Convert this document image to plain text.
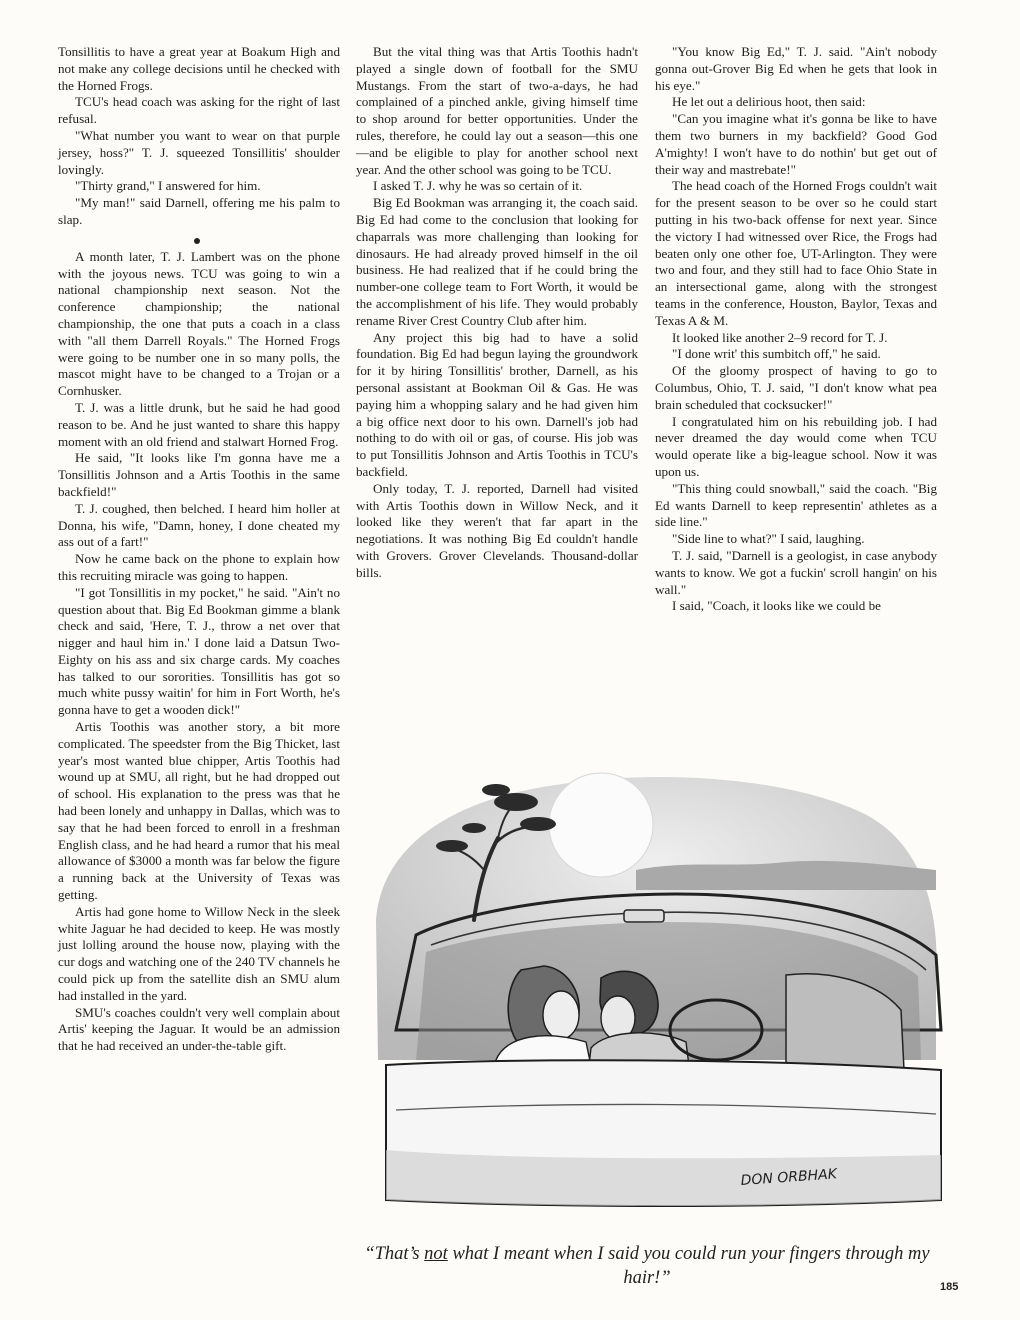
Tonsillitis to have a great year at Boakum High and not make any college decisions until he checked with the Horned Frogs.

TCU's head coach was asking for the right of last refusal.

"What number you want to wear on that purple jersey, hoss?" T. J. squeezed Tonsillitis' shoulder lovingly.

"Thirty grand," I answered for him.

"My man!" said Darnell, offering me his palm to slap.

A month later, T. J. Lambert was on the phone with the joyous news. TCU was going to win a national championship next season. Not the conference championship; the national championship, the one that puts a coach in a class with "all them Darrell Royals." The Horned Frogs were going to be number one in so many polls, the mascot might have to be changed to a Trojan or a Cornhusker.

T. J. was a little drunk, but he said he had good reason to be. And he just wanted to share this happy moment with an old friend and stalwart Horned Frog.

He said, "It looks like I'm gonna have me a Tonsillitis Johnson and a Artis Toothis in the same backfield!"

T. J. coughed, then belched. I heard him holler at Donna, his wife, "Damn, honey, I done cheated my ass out of a fart!"

Now he came back on the phone to explain how this recruiting miracle was going to happen.

"I got Tonsillitis in my pocket," he said. "Ain't no question about that. Big Ed Bookman gimme a blank check and said, 'Here, T. J., throw a net over that nigger and haul him in.' I done laid a Datsun Two-Eighty on his ass and six charge cards. My coaches has talked to our sororities. Tonsillitis has got so much white pussy waitin' for him in Fort Worth, he's gonna have to get a wooden dick!"

Artis Toothis was another story, a bit more complicated. The speedster from the Big Thicket, last year's most wanted blue chipper, Artis Toothis had wound up at SMU, all right, but he had dropped out of school. His explanation to the press was that he had been lonely and unhappy in Dallas, which was to say that he had been forced to enroll in a freshman English class, and he had heard a rumor that his meal allowance of $3000 a month was far below the figure a running back at the University of Texas was getting.

Artis had gone home to Willow Neck in the sleek white Jaguar he had decided to keep. He was mostly just lolling around the house now, playing with the cur dogs and watching one of the 240 TV channels he could pick up from the satellite dish an SMU alum had installed in the yard.

SMU's coaches couldn't very well complain about Artis' keeping the Jaguar. It would be an admission that he had received an under-the-table gift.

But the vital thing was that Artis Toothis hadn't played a single down of football for the SMU Mustangs. From the start of two-a-days, he had complained of a pinched ankle, giving himself time to shop around for better opportunities. Under the rules, therefore, he could lay out a season—this one—and be eligible to play for another school next year. And the other school was going to be TCU.

I asked T. J. why he was so certain of it.

Big Ed Bookman was arranging it, the coach said. Big Ed had come to the conclusion that looking for chaparrals was more challenging than looking for dinosaurs. He had already proved himself in the oil business. He had realized that if he could bring the number-one college team to Fort Worth, it would be the accomplishment of his life. They would probably rename River Crest Country Club after him.

Any project this big had to have a solid foundation. Big Ed had begun laying the groundwork for it by hiring Tonsillitis' brother, Darnell, as his personal assistant at Bookman Oil & Gas. He was paying him a whopping salary and he had given him a big office next door to his own. Darnell's job had nothing to do with oil or gas, of course. His job was to put Tonsillitis Johnson and Artis Toothis in TCU's backfield.

Only today, T. J. reported, Darnell had visited with Artis Toothis down in Willow Neck, and it looked like they weren't that far apart in the negotiations. It was nothing Big Ed couldn't handle with Grovers. Grover Clevelands. Thousand-dollar bills.

"You know Big Ed," T. J. said. "Ain't nobody gonna out-Grover Big Ed when he gets that look in his eye."

He let out a delirious hoot, then said:

"Can you imagine what it's gonna be like to have them two burners in my backfield? Good God A'mighty! I won't have to do nothin' but get out of their way and mastrebate!"

The head coach of the Horned Frogs couldn't wait for the present season to be over so he could start putting in his two-back offense for next year. Since the victory I had witnessed over Rice, the Frogs had beaten only one other foe, UT-Arlington. They were two and four, and they still had to face Ohio State in an intersectional game, along with the strongest teams in the conference, Houston, Baylor, Texas and Texas A & M.

It looked like another 2–9 record for T. J.

"I done writ' this sumbitch off," he said.

Of the gloomy prospect of having to go to Columbus, Ohio, T. J. said, "I don't know what pea brain scheduled that cocksucker!"

I congratulated him on his rebuilding job. I had never dreamed the day would come when TCU would operate like a big-league school. Now it was upon us.

"This thing could snowball," said the coach. "Big Ed wants Darnell to keep representin' athletes as a side line."

"Side line to what?" I said, laughing.

T. J. said, "Darnell is a geologist, in case anybody wants to know. We got a fuckin' scroll hangin' on his wall."

I said, "Coach, it looks like we could be

DON ORBHAK
“That’s not what I meant when I said you could run your fingers through my hair!”	185
